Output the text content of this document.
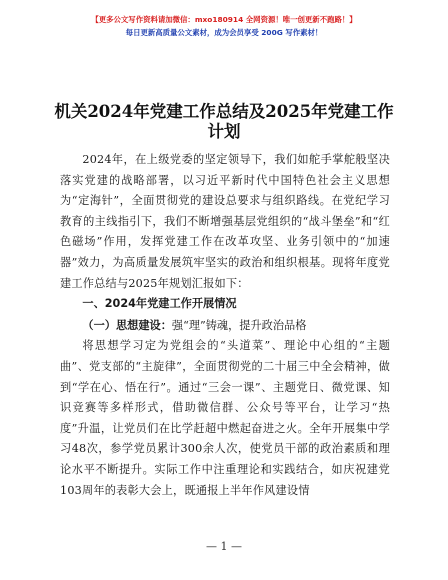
【更多公文写作资料请加微信：mxo180914 全网资源！唯一创更新不跑路！】
每日更新高质量公文素材，成为会员享受 200G 写作素材！
机关2024年党建工作总结及2025年党建工作计划

2024年，在上级党委的坚定领导下，我们如舵手掌舵般坚决落实党建的战略部署，以习近平新时代中国特色社会主义思想为“定海针”，全面贯彻党的建设总要求与组织路线。在党纪学习教育的主线指引下，我们不断增强基层党组织的“战斗堡垒”和“红色磁场”作用，发挥党建工作在改革攻坚、业务引领中的“加速器”效力，为高质量发展筑牢坚实的政治和组织根基。现将年度党建工作总结与2025年规划汇报如下：

一、2024年党建工作开展情况

（一）思想建设：强“理”铸魂，提升政治品格

将思想学习定为党组会的“头道菜”、理论中心组的“主题曲”、党支部的“主旋律”，全面贯彻党的二十届三中全会精神，做到“学在心、悟在行”。通过“三会一课”、主题党日、微党课、知识竞赛等多样形式，借助微信群、公众号等平台，让学习“热度”升温，让党员们在比学赶超中燃起奋进之火。全年开展集中学习48次，参学党员累计300余人次，使党员干部的政治素质和理论水平不断提升。实际工作中注重理论和实践结合，如庆祝建党103周年的表彰大会上，既通报上半年作风建设情

— 1 —
